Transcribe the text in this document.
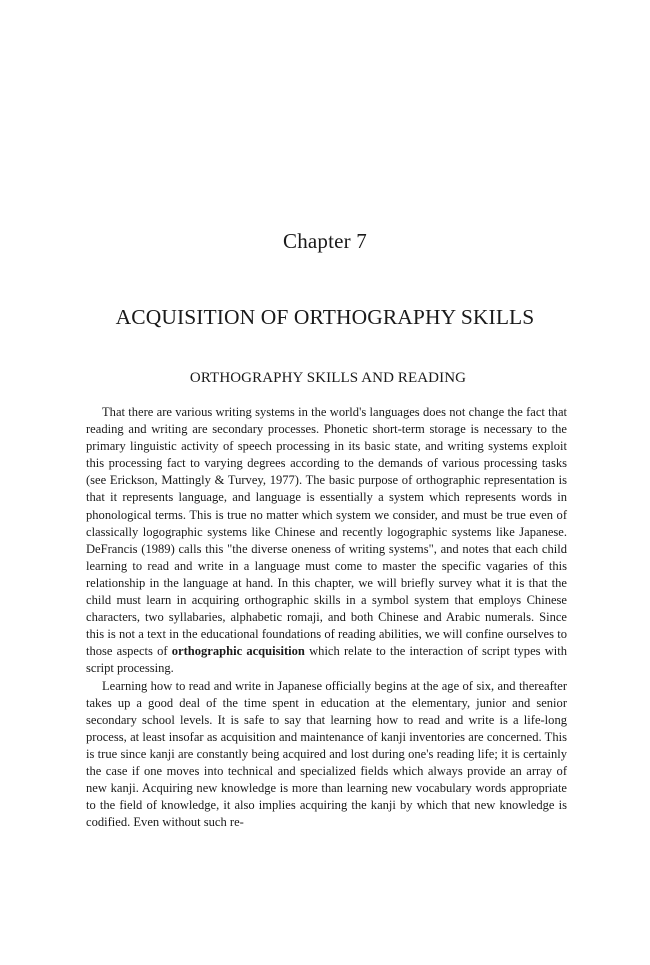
Chapter 7
ACQUISITION OF ORTHOGRAPHY SKILLS
ORTHOGRAPHY SKILLS AND READING

That there are various writing systems in the world's languages does not change the fact that reading and writing are secondary processes. Phonetic short-term storage is necessary to the primary linguistic activity of speech processing in its basic state, and writing systems exploit this processing fact to varying degrees according to the demands of various processing tasks (see Erickson, Mattingly & Turvey, 1977). The basic purpose of orthographic representation is that it represents language, and language is essentially a system which represents words in phonological terms. This is true no matter which system we consider, and must be true even of classically logographic systems like Chinese and recently logographic systems like Japanese. DeFrancis (1989) calls this "the diverse oneness of writing systems", and notes that each child learning to read and write in a language must come to master the specific vagaries of this relationship in the language at hand. In this chapter, we will briefly survey what it is that the child must learn in acquiring orthographic skills in a symbol system that employs Chinese characters, two syllabaries, alphabetic romaji, and both Chinese and Arabic numerals. Since this is not a text in the educational foundations of reading abilities, we will confine ourselves to those aspects of orthographic acquisition which relate to the interaction of script types with script processing.

Learning how to read and write in Japanese officially begins at the age of six, and thereafter takes up a good deal of the time spent in education at the elementary, junior and senior secondary school levels. It is safe to say that learning how to read and write is a life-long process, at least insofar as acquisition and maintenance of kanji inventories are concerned. This is true since kanji are constantly being acquired and lost during one's reading life; it is certainly the case if one moves into technical and specialized fields which always provide an array of new kanji. Acquiring new knowledge is more than learning new vocabulary words appropriate to the field of knowledge, it also implies acquiring the kanji by which that new knowledge is codified. Even without such re-
